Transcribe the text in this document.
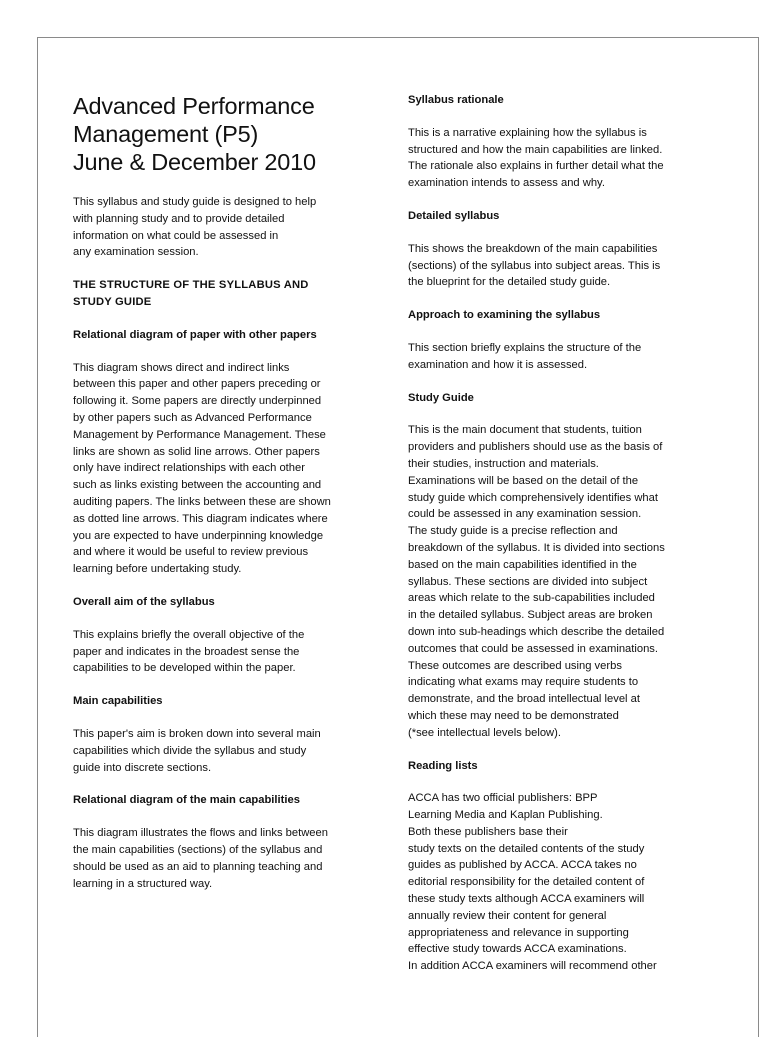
Advanced Performance
Management (P5)
June & December 2010

This syllabus and study guide is designed to help
with planning study and to provide detailed
information on what could be assessed in
any examination session.

THE STRUCTURE OF THE SYLLABUS AND
STUDY GUIDE

Relational diagram of paper with other papers

This diagram shows direct and indirect links
between this paper and other papers preceding or
following it. Some papers are directly underpinned
by other papers such as Advanced Performance
Management by Performance Management. These
links are shown as solid line arrows. Other papers
only have indirect relationships with each other
such as links existing between the accounting and
auditing papers. The links between these are shown
as dotted line arrows. This diagram indicates where
you are expected to have underpinning knowledge
and where it would be useful to review previous
learning before undertaking study.

Overall aim of the syllabus

This explains briefly the overall objective of the
paper and indicates in the broadest sense the
capabilities to be developed within the paper.

Main capabilities

This paper's aim is broken down into several main
capabilities which divide the syllabus and study
guide into discrete sections.

Relational diagram of the main capabilities

This diagram illustrates the flows and links between
the main capabilities (sections) of the syllabus and
should be used as an aid to planning teaching and
learning in a structured way.

Syllabus rationale

This is a narrative explaining how the syllabus is
structured and how the main capabilities are linked.
The rationale also explains in further detail what the
examination intends to assess and why.

Detailed syllabus

This shows the breakdown of the main capabilities
(sections) of the syllabus into subject areas. This is
the blueprint for the detailed study guide.

Approach to examining the syllabus

This section briefly explains the structure of the
examination and how it is assessed.

Study Guide

This is the main document that students, tuition
providers and publishers should use as the basis of
their studies, instruction and materials.
Examinations will be based on the detail of the
study guide which comprehensively identifies what
could be assessed in any examination session.
The study guide is a precise reflection and
breakdown of the syllabus. It is divided into sections
based on the main capabilities identified in the
syllabus. These sections are divided into subject
areas which relate to the sub-capabilities included
in the detailed syllabus. Subject areas are broken
down into sub-headings which describe the detailed
outcomes that could be assessed in examinations.
These outcomes are described using verbs
indicating what exams may require students to
demonstrate, and the broad intellectual level at
which these may need to be demonstrated
(*see intellectual levels below).

Reading lists

ACCA has two official publishers: BPP
Learning Media and Kaplan Publishing.
Both these publishers base their
study texts on the detailed contents of the study
guides as published by ACCA. ACCA takes no
editorial responsibility for the detailed content of
these study texts although ACCA examiners will
annually review their content for general
appropriateness and relevance in supporting
effective study towards ACCA examinations.
In addition ACCA examiners will recommend other
